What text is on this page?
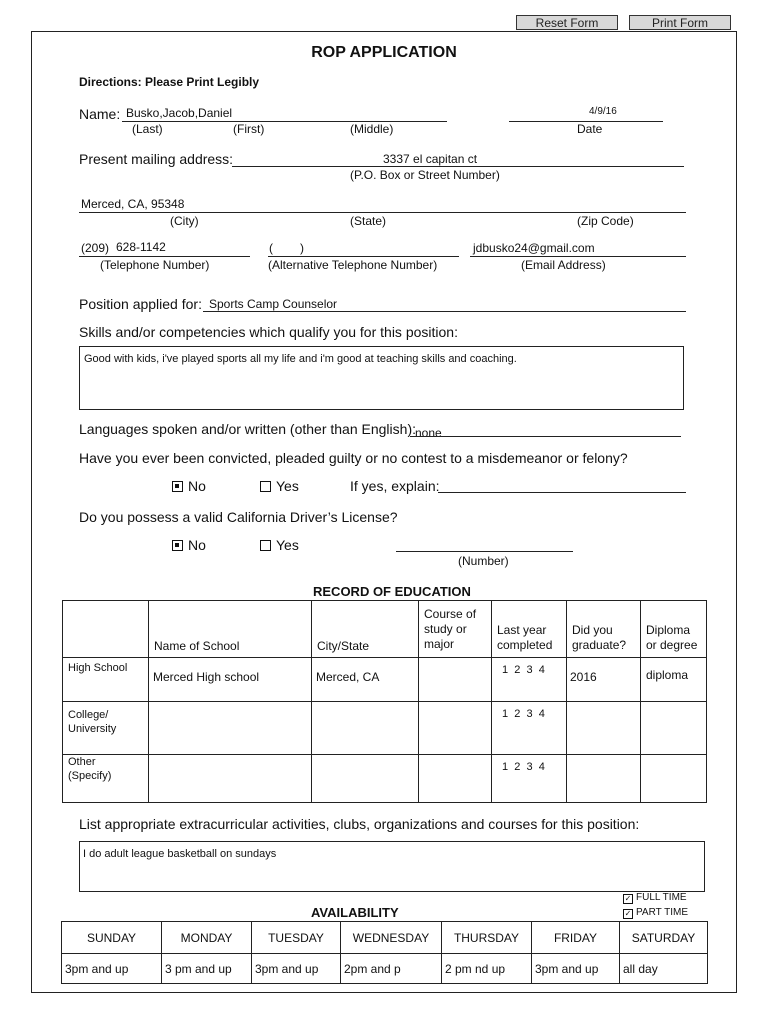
Reset Form	Print Form
ROP APPLICATION
Directions: Please Print Legibly
Name: Busko,Jacob,Daniel
(Last)	(First)	(Middle)
4/9/16
Date
Present mailing address:	3337 el capitan ct
(P.O. Box or Street Number)
Merced, CA, 95348
(City)	(State)	(Zip Code)
(209) 628-1142
(Telephone Number)
( )
(Alternative Telephone Number)
jdbusko24@gmail.com
(Email Address)
Position applied for: Sports Camp Counselor
Skills and/or competencies which qualify you for this position:
Good with kids, i've played sports all my life and i'm good at teaching skills and coaching.
Languages spoken and/or written (other than English): none
Have you ever been convicted, pleaded guilty or no contest to a misdemeanor or felony?
No	Yes	If yes, explain:
Do you possess a valid California Driver’s License?
No	Yes
(Number)
RECORD OF EDUCATION

	Name of School	City/State	Course of study or major	Last year completed	Did you graduate?	Diploma or degree

High School	Merced High school	Merced, CA		1  2  3  4	2016	diploma

College/ University				1  2  3  4		

Other (Specify)				1  2  3  4		

List appropriate extracurricular activities, clubs, organizations and courses for this position:
I do adult league basketball on sundays
AVAILABILITY
✓ FULL TIME
✓ PART TIME
SUNDAY	MONDAY	TUESDAY	WEDNESDAY	THURSDAY	FRIDAY	SATURDAY
3pm and up	3 pm and up	3pm and up	2pm and p	2 pm nd up	3pm and up	all day
